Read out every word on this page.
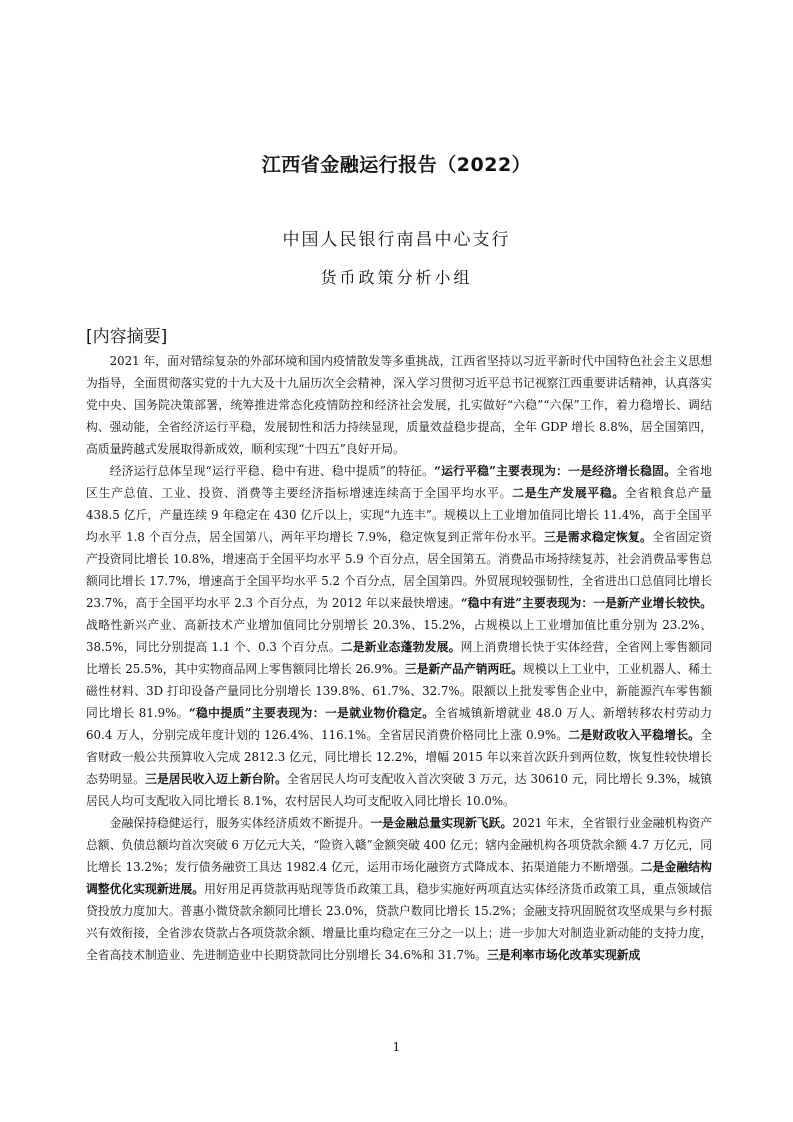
江西省金融运行报告（2022）
中国人民银行南昌中心支行
货币政策分析小组
[内容摘要]

2021 年，面对错综复杂的外部环境和国内疫情散发等多重挑战，江西省坚持以习近平新时代中国特色社会主义思想为指导，全面贯彻落实党的十九大及十九届历次全会精神，深入学习贯彻习近平总书记视察江西重要讲话精神，认真落实党中央、国务院决策部署，统筹推进常态化疫情防控和经济社会发展，扎实做好“六稳”“六保”工作，着力稳增长、调结构、强动能，全省经济运行平稳，发展韧性和活力持续显现，质量效益稳步提高，全年 GDP 增长 8.8%，居全国第四，高质量跨越式发展取得新成效，顺利实现“十四五”良好开局。

经济运行总体呈现“运行平稳、稳中有进、稳中提质”的特征。“运行平稳”主要表现为：一是经济增长稳固。全省地区生产总值、工业、投资、消费等主要经济指标增速连续高于全国平均水平。二是生产发展平稳。全省粮食总产量 438.5 亿斤，产量连续 9 年稳定在 430 亿斤以上，实现“九连丰”。规模以上工业增加值同比增长 11.4%，高于全国平均水平 1.8 个百分点，居全国第八，两年平均增长 7.9%，稳定恢复到正常年份水平。三是需求稳定恢复。全省固定资产投资同比增长 10.8%，增速高于全国平均水平 5.9 个百分点，居全国第五。消费品市场持续复苏，社会消费品零售总额同比增长 17.7%，增速高于全国平均水平 5.2 个百分点，居全国第四。外贸展现较强韧性，全省进出口总值同比增长 23.7%，高于全国平均水平 2.3 个百分点，为 2012 年以来最快增速。“稳中有进”主要表现为：一是新产业增长较快。战略性新兴产业、高新技术产业增加值同比分别增长 20.3%、15.2%，占规模以上工业增加值比重分别为 23.2%、38.5%，同比分别提高 1.1 个、0.3 个百分点。二是新业态蓬勃发展。网上消费增长快于实体经营，全省网上零售额同比增长 25.5%，其中实物商品网上零售额同比增长 26.9%。三是新产品产销两旺。规模以上工业中，工业机器人、稀土磁性材料、3D 打印设备产量同比分别增长 139.8%、61.7%、32.7%。限额以上批发零售企业中，新能源汽车零售额同比增长 81.9%。“稳中提质”主要表现为：一是就业物价稳定。全省城镇新增就业 48.0 万人、新增转移农村劳动力 60.4 万人，分别完成年度计划的 126.4%、116.1%。全省居民消费价格同比上涨 0.9%。二是财政收入平稳增长。全省财政一般公共预算收入完成 2812.3 亿元，同比增长 12.2%，增幅 2015 年以来首次跃升到两位数，恢复性较快增长态势明显。三是居民收入迈上新台阶。全省居民人均可支配收入首次突破 3 万元，达 30610 元，同比增长 9.3%，城镇居民人均可支配收入同比增长 8.1%，农村居民人均可支配收入同比增长 10.0%。

金融保持稳健运行，服务实体经济质效不断提升。一是金融总量实现新飞跃。2021 年末，全省银行业金融机构资产总额、负债总额均首次突破 6 万亿元大关，“险资入赣”金额突破 400 亿元；辖内金融机构各项贷款余额 4.7 万亿元，同比增长 13.2%；发行债务融资工具达 1982.4 亿元，运用市场化融资方式降成本、拓渠道能力不断增强。二是金融结构调整优化实现新进展。用好用足再贷款再贴现等货币政策工具，稳步实施好两项直达实体经济货币政策工具，重点领域信贷投放力度加大。普惠小微贷款余额同比增长 23.0%，贷款户数同比增长 15.2%；金融支持巩固脱贫攻坚成果与乡村振兴有效衔接，全省涉农贷款占各项贷款余额、增量比重均稳定在三分之一以上；进一步加大对制造业新动能的支持力度，全省高技术制造业、先进制造业中长期贷款同比分别增长 34.6%和 31.7%。三是利率市场化改革实现新成

1
